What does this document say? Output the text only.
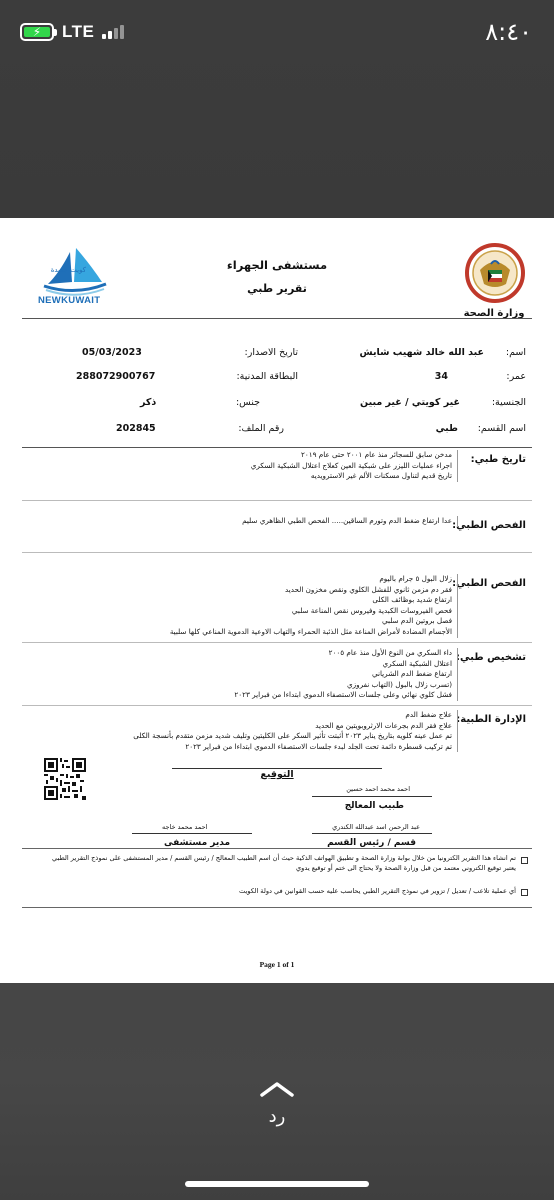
⚡ LTE	٨:٤٠
وزارة الصحة
كويت جديدة
NEWKUWAIT
مستشفى الجهراء
تقرير طبي
اسم:
عبد الله خالد شهيب شايش
تاريخ الاصدار:
05/03/2023
عمر:
34
البطاقة المدنية:
288072900767
الجنسية:
غير كويتي / غير مبين
جنس:
ذكر
اسم القسم:
طبي
رقم الملف:
202845
تاريخ طبي:
مدخن سابق للسجائر منذ عام ٢٠٠١ حتى عام ٢٠١٩
اجراء عمليات الليزر على شبكية العين كعلاج اعتلال الشبكية السكري
تاريخ قديم لتناول مسكنات الألم غير الاسترويديه
الفحص الطبي:
عدا ارتفاع ضغط الدم وتورم الساقين..... الفحص الطبي الظاهري سليم
الفحص الطبي:
زلال البول ٥ جرام باليوم
فقر دم مزمن ثانوي للفشل الكلوي ونقص مخزون الحديد
ارتفاع شديد بوظائف الكلى
فحص الفيروسات الكبدية وفيروس نقص المناعة سلبي
فصل بروتين الدم سلبي
الأجسام المضادة لأمراض المناعة مثل الذئبة الحمراء والتهاب الاوعية الدموية المناعي كلها سلبية
تشخيص طبي:
داء السكري من النوع الأول منذ عام ٢٠٠٥
اعتلال الشبكية السكري
ارتفاع ضغط الدم الشرياني
(تسرب زلال بالبول (التهاب نفروزي
فشل كلوي نهائي وعلى جلسات الاستصفاء الدموي ابتداءا من فبراير ٢٠٢٣
الإدارة الطبية:
علاج ضغط الدم
علاج فقر الدم بجرعات الارثروبويتين مع الحديد
تم عمل عينه كلويه بتاريخ يناير ٢٠٢٣ أثبتت تأثير السكر على الكليتين وتليف شديد مزمن متقدم بأنسجة الكلى
تم تركيب قسطرة دائمة تحت الجلد لبدء جلسات الاستصفاء الدموي ابتداءا من فبراير ٢٠٢٣
التوقيع
احمد محمد احمد حسين
طبيب المعالج
عبد الرحمن اسد عبدالله الكندري
قسم / رئيس القسم
احمد محمد خاجه
مدير مستشفى
تم انشاء هذا التقرير الكترونيا من خلال بوابة وزارة الصحة و تطبيق الهواتف الذكية حيث أن اسم الطبيب المعالج / رئيس القسم / مدير المستشفى على نموذج التقرير الطبي يعتبر توقيع الكتروني معتمد من قبل وزارة الصحة ولا يحتاج الى ختم أو توقيع يدوي
أي عملية تلاعب / تعديل / تزوير في نموذج التقرير الطبي يحاسب عليه حسب القوانين في دولة الكويت
Page 1 of 1
رد
